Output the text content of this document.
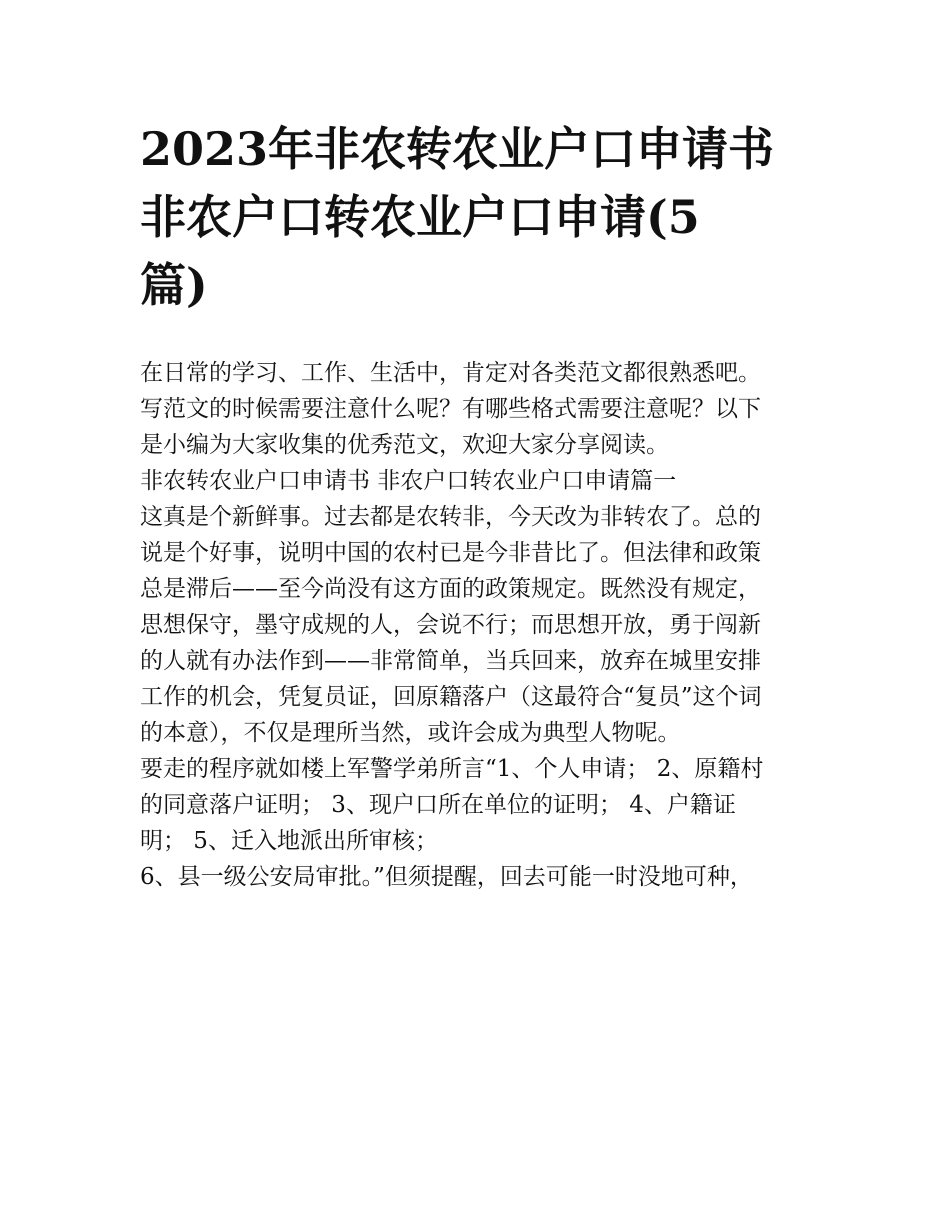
2023年非农转农业户口申请书
非农户口转农业户口申请(5
篇)

在日常的学习、工作、生活中，肯定对各类范文都很熟悉吧。
写范文的时候需要注意什么呢？有哪些格式需要注意呢？以下
是小编为大家收集的优秀范文，欢迎大家分享阅读。

非农转农业户口申请书 非农户口转农业户口申请篇一

这真是个新鲜事。过去都是农转非，今天改为非转农了。总的
说是个好事，说明中国的农村已是今非昔比了。但法律和政策
总是滞后——至今尚没有这方面的政策规定。既然没有规定，
思想保守，墨守成规的人，会说不行；而思想开放，勇于闯新
的人就有办法作到——非常简单，当兵回来，放弃在城里安排
工作的机会，凭复员证，回原籍落户（这最符合“复员”这个词
的本意），不仅是理所当然，或许会成为典型人物呢。

要走的程序就如楼上军警学弟所言“1、个人申请； 2、原籍村
的同意落户证明； 3、现户口所在单位的证明； 4、户籍证
明； 5、迁入地派出所审核；

6、县一级公安局审批。”但须提醒，回去可能一时没地可种，
